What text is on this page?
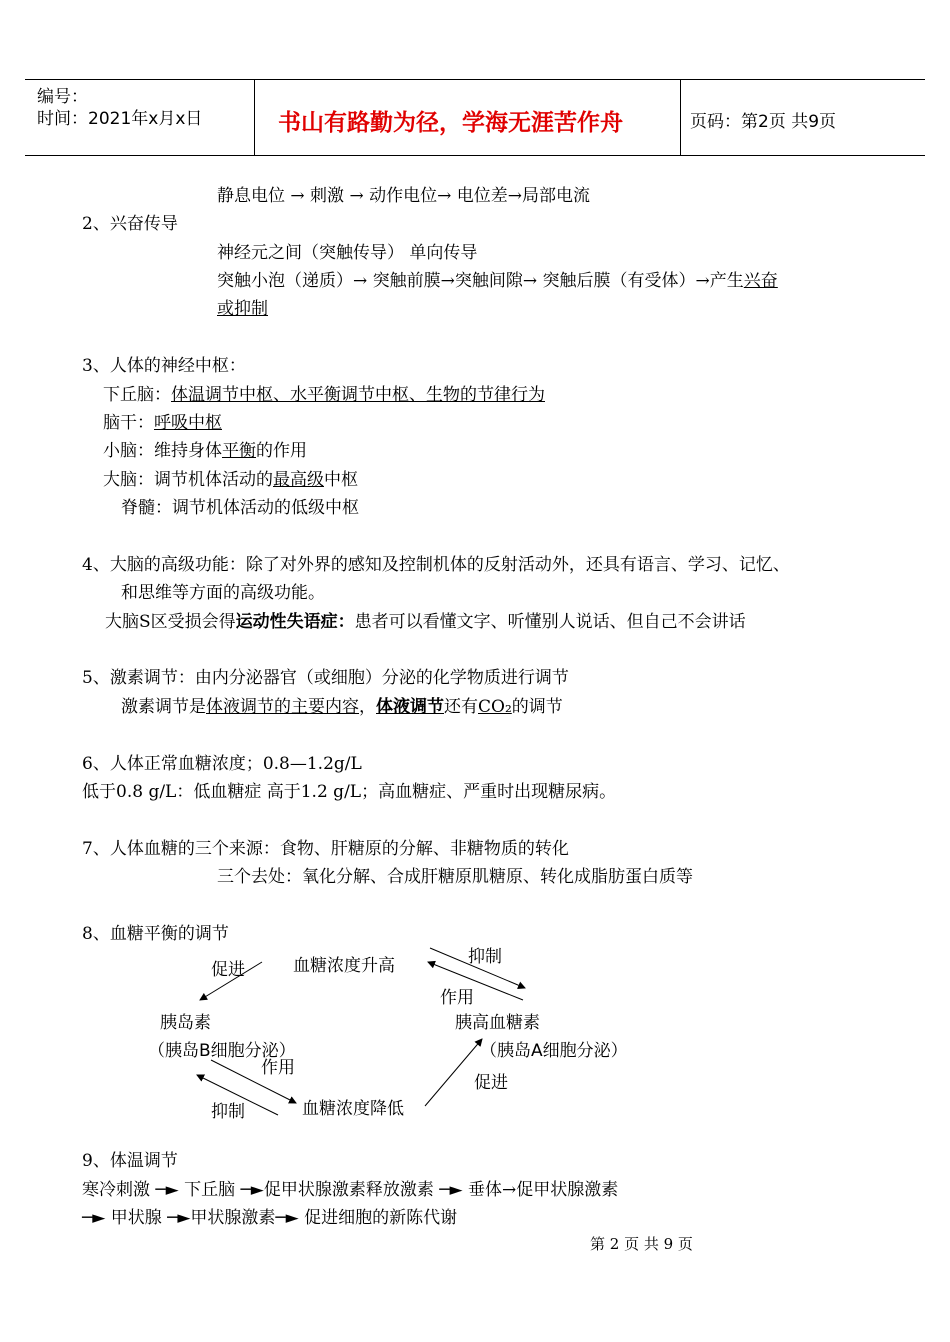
编号：
时间：2021年x月x日	书山有路勤为径，学海无涯苦作舟	页码：第2页 共9页
静息电位 → 刺激 → 动作电位→ 电位差→局部电流
2、兴奋传导
神经元之间（突触传导） 单向传导
突触小泡（递质）→ 突触前膜→突触间隙→ 突触后膜（有受体）→产生兴奋
或抑制
3、人体的神经中枢：
下丘脑：体温调节中枢、水平衡调节中枢、生物的节律行为
脑干：呼吸中枢
小脑：维持身体平衡的作用
大脑：调节机体活动的最高级中枢
脊髓：调节机体活动的低级中枢
4、大脑的高级功能：除了对外界的感知及控制机体的反射活动外，还具有语言、学习、记忆、
和思维等方面的高级功能。
大脑S区受损会得运动性失语症：患者可以看懂文字、听懂别人说话、但自己不会讲话
5、激素调节：由内分泌器官（或细胞）分泌的化学物质进行调节
激素调节是体液调节的主要内容，体液调节还有CO₂的调节
6、人体正常血糖浓度；0.8—1.2g/L
低于0.8 g/L：低血糖症 高于1.2 g/L；高血糖症、严重时出现糖尿病。
7、人体血糖的三个来源：食物、肝糖原的分解、非糖物质的转化
三个去处：氧化分解、合成肝糖原肌糖原、转化成脂肪蛋白质等
8、血糖平衡的调节
血糖浓度升高
促进
抑制
作用
胰岛素
（胰岛B细胞分泌）
胰高血糖素
（胰岛A细胞分泌）
作用
促进
血糖浓度降低
抑制
9、体温调节
寒冷刺激 ─► 下丘脑 ─►促甲状腺激素释放激素 ─► 垂体→促甲状腺激素
─► 甲状腺 ─►甲状腺激素─► 促进细胞的新陈代谢
第 2 页 共 9 页
